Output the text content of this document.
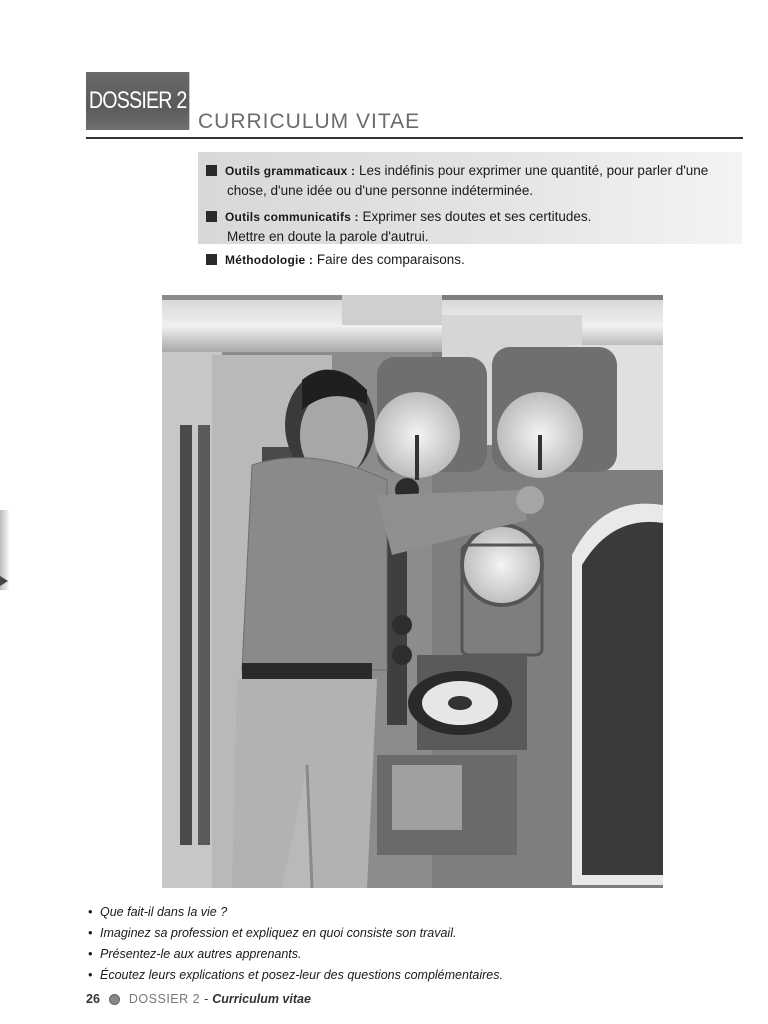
DOSSIER 2
CURRICULUM VITAE
Outils grammaticaux : Les indéfinis pour exprimer une quantité, pour parler d'une
chose, d'une idée ou d'une personne indéterminée.
Outils communicatifs : Exprimer ses doutes et ses certitudes.
Mettre en doute la parole d'autrui.
Méthodologie : Faire des comparaisons.
• Que fait-il dans la vie ?
• Imaginez sa profession et expliquez en quoi consiste son travail.
• Présentez-le aux autres apprenants.
• Écoutez leurs explications et posez-leur des questions complémentaires.
26 DOSSIER 2 - Curriculum vitae
